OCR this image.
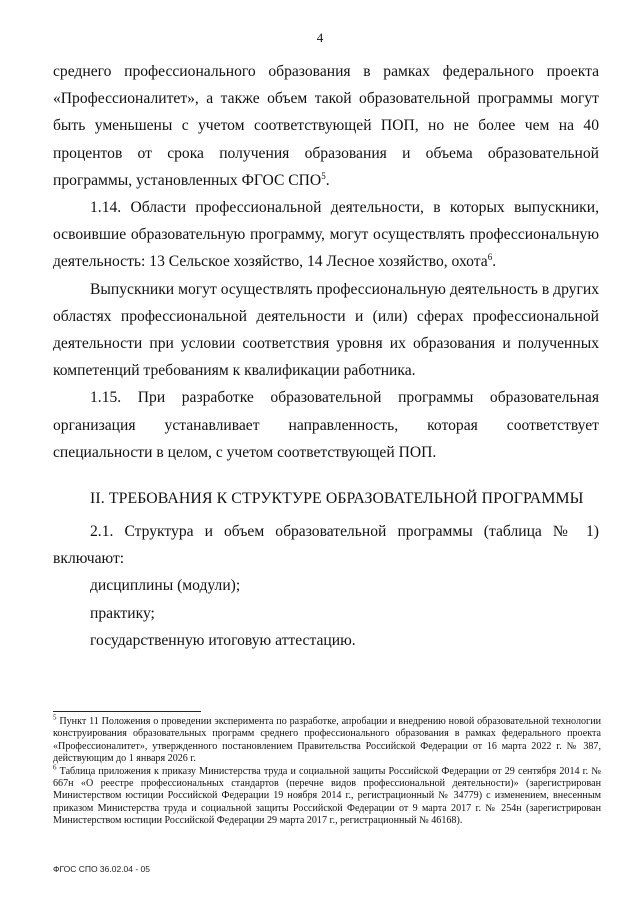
4

среднего профессионального образования в рамках федерального проекта «Профессионалитет», а также объем такой образовательной программы могут быть уменьшены с учетом соответствующей ПОП, но не более чем на 40 процентов от срока получения образования и объема образовательной программы, установленных ФГОС СПО$^5$.

1.14. Области профессиональной деятельности, в которых выпускники, освоившие образовательную программу, могут осуществлять профессиональную деятельность: 13 Сельское хозяйство, 14 Лесное хозяйство, охота$^6$.

Выпускники могут осуществлять профессиональную деятельность в других областях профессиональной деятельности и (или) сферах профессиональной деятельности при условии соответствия уровня их образования и полученных компетенций требованиям к квалификации работника.

1.15. При разработке образовательной программы образовательная организация устанавливает направленность, которая соответствует специальности в целом, с учетом соответствующей ПОП.

II. ТРЕБОВАНИЯ К СТРУКТУРЕ ОБРАЗОВАТЕЛЬНОЙ ПРОГРАММЫ

2.1. Структура и объем образовательной программы (таблица № 1) включают:

дисциплины (модули);

практику;

государственную итоговую аттестацию.

$^5$ Пункт 11 Положения о проведении эксперимента по разработке, апробации и внедрению новой образовательной технологии конструирования образовательных программ среднего профессионального образования в рамках федерального проекта «Профессионалитет», утвержденного постановлением Правительства Российской Федерации от 16 марта 2022 г. № 387, действующим до 1 января 2026 г.

$^6$ Таблица приложения к приказу Министерства труда и социальной защиты Российской Федерации от 29 сентября 2014 г. № 667н «О реестре профессиональных стандартов (перечне видов профессиональной деятельности)» (зарегистрирован Министерством юстиции Российской Федерации 19 ноября 2014 г., регистрационный № 34779) с изменением, внесенным приказом Министерства труда и социальной защиты Российской Федерации от 9 марта 2017 г. № 254н (зарегистрирован Министерством юстиции Российской Федерации 29 марта 2017 г., регистрационный № 46168).

ФГОС СПО 36.02.04 - 05
